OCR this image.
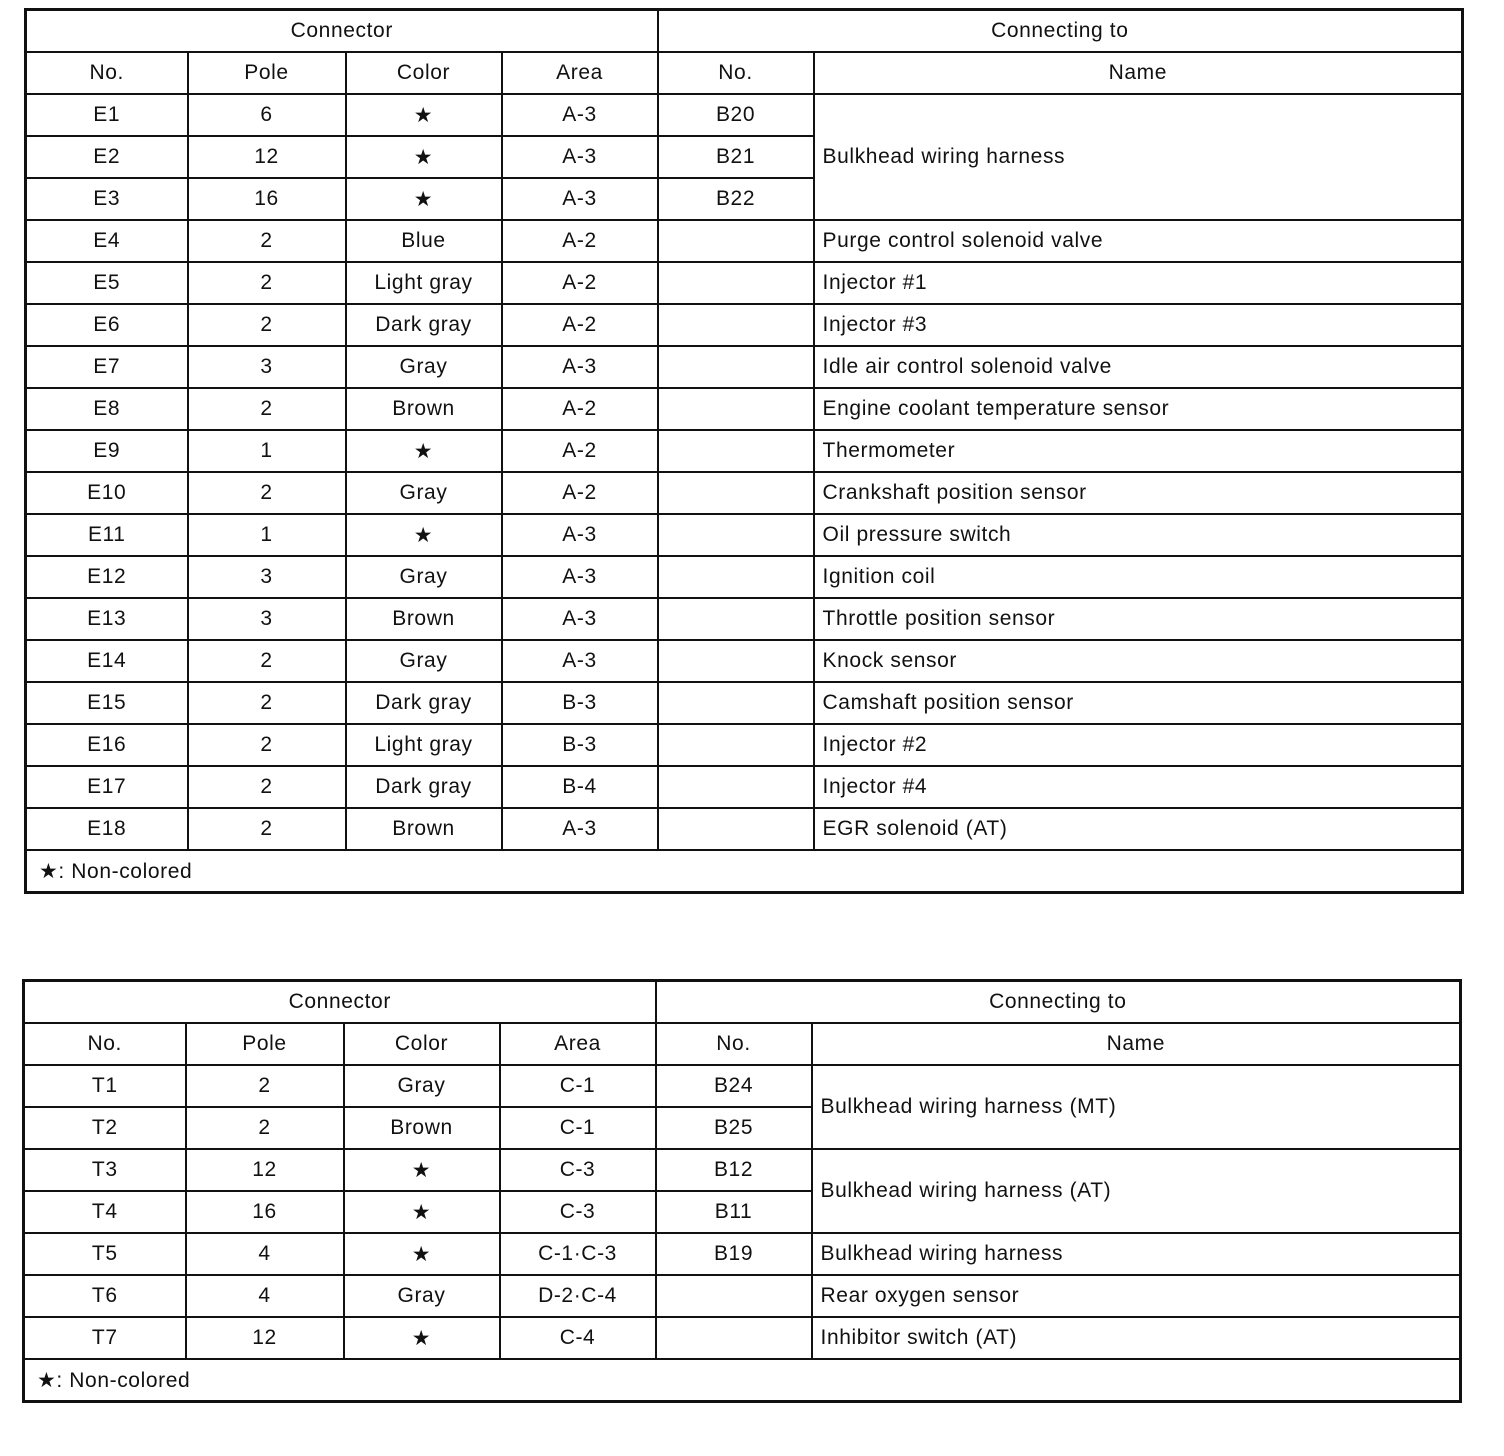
Connector				Connecting to	
No.	Pole	Color	Area	No.	Name
E1	6	★	A-3	B20	Bulkhead wiring harness
E2	12	★	A-3	B21	
E3	16	★	A-3	B22	
E4	2	Blue	A-2		Purge control solenoid valve
E5	2	Light gray	A-2		Injector #1
E6	2	Dark gray	A-2		Injector #3
E7	3	Gray	A-3		Idle air control solenoid valve
E8	2	Brown	A-2		Engine coolant temperature sensor
E9	1	★	A-2		Thermometer
E10	2	Gray	A-2		Crankshaft position sensor
E11	1	★	A-3		Oil pressure switch
E12	3	Gray	A-3		Ignition coil
E13	3	Brown	A-3		Throttle position sensor
E14	2	Gray	A-3		Knock sensor
E15	2	Dark gray	B-3		Camshaft position sensor
E16	2	Light gray	B-3		Injector #2
E17	2	Dark gray	B-4		Injector #4
E18	2	Brown	A-3		EGR solenoid (AT)
★: Non-colored					
Connector				Connecting to	
No.	Pole	Color	Area	No.	Name
T1	2	Gray	C-1	B24	Bulkhead wiring harness (MT)
T2	2	Brown	C-1	B25	
T3	12	★	C-3	B12	Bulkhead wiring harness (AT)
T4	16	★	C-3	B11	
T5	4	★	C-1·C-3	B19	Bulkhead wiring harness
T6	4	Gray	D-2·C-4		Rear oxygen sensor
T7	12	★	C-4		Inhibitor switch (AT)
★: Non-colored					
